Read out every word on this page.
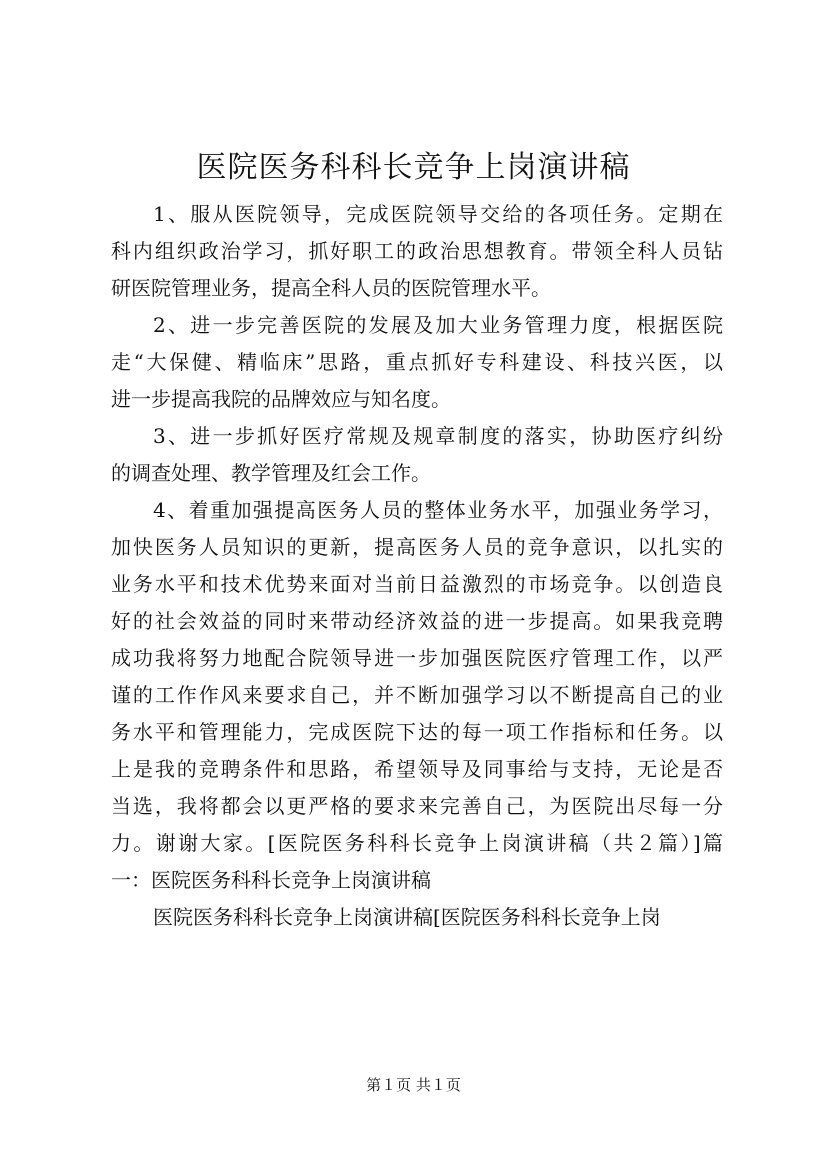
医院医务科科长竞争上岗演讲稿

1、服从医院领导，完成医院领导交给的各项任务。定期在
科内组织政治学习，抓好职工的政治思想教育。带领全科人员钻
研医院管理业务，提高全科人员的医院管理水平。

2、进一步完善医院的发展及加大业务管理力度，根据医院
走“大保健、精临床”思路，重点抓好专科建设、科技兴医，以
进一步提高我院的品牌效应与知名度。

3、进一步抓好医疗常规及规章制度的落实，协助医疗纠纷
的调查处理、教学管理及红会工作。

4、着重加强提高医务人员的整体业务水平，加强业务学习，
加快医务人员知识的更新，提高医务人员的竞争意识，以扎实的
业务水平和技术优势来面对当前日益激烈的市场竞争。以创造良
好的社会效益的同时来带动经济效益的进一步提高。如果我竞聘
成功我将努力地配合院领导进一步加强医院医疗管理工作，以严
谨的工作作风来要求自己，并不断加强学习以不断提高自己的业
务水平和管理能力，完成医院下达的每一项工作指标和任务。以
上是我的竞聘条件和思路，希望领导及同事给与支持，无论是否
当选，我将都会以更严格的要求来完善自己，为医院出尽每一分
力。谢谢大家。[医院医务科科长竞争上岗演讲稿（共２篇）]篇
一：医院医务科科长竞争上岗演讲稿

医院医务科科长竞争上岗演讲稿[医院医务科科长竞争上岗

第１页 共１页
